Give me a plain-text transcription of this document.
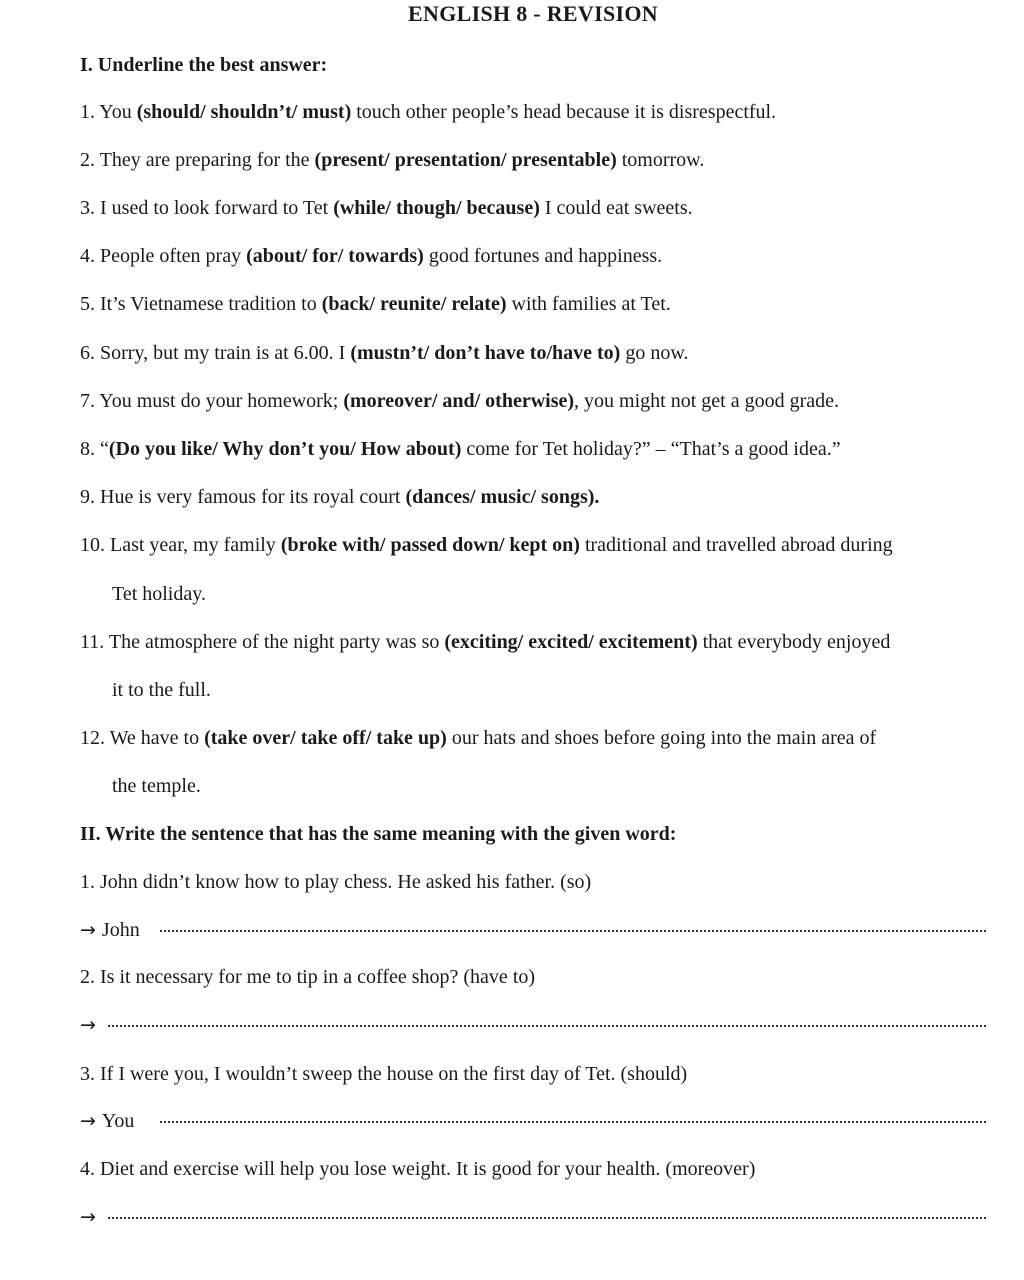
ENGLISH 8 - REVISION
I. Underline the best answer:
1. You (should/ shouldn’t/ must) touch other people’s head because it is disrespectful.
2. They are preparing for the (present/ presentation/ presentable) tomorrow.
3. I used to look forward to Tet (while/ though/ because) I could eat sweets.
4. People often pray (about/ for/ towards) good fortunes and happiness.
5. It’s Vietnamese tradition to (back/ reunite/ relate) with families at Tet.
6. Sorry, but my train is at 6.00. I (mustn’t/ don’t have to/have to) go now.
7. You must do your homework; (moreover/ and/ otherwise), you might not get a good grade.
8. “(Do you like/ Why don’t you/ How about) come for Tet holiday?” – “That’s a good idea.”
9. Hue is very famous for its royal court (dances/ music/ songs).
10. Last year, my family (broke with/ passed down/ kept on) traditional and travelled abroad during
Tet holiday.
11. The atmosphere of the night party was so (exciting/ excited/ excitement) that everybody enjoyed
it to the full.
12. We have to (take over/ take off/ take up) our hats and shoes before going into the main area of
the temple.
II. Write the sentence that has the same meaning with the given word:
1. John didn’t know how to play chess. He asked his father. (so)
→ John
2. Is it necessary for me to tip in a coffee shop? (have to)
→
3. If I were you, I wouldn’t sweep the house on the first day of Tet. (should)
→ You
4. Diet and exercise will help you lose weight. It is good for your health. (moreover)
→
